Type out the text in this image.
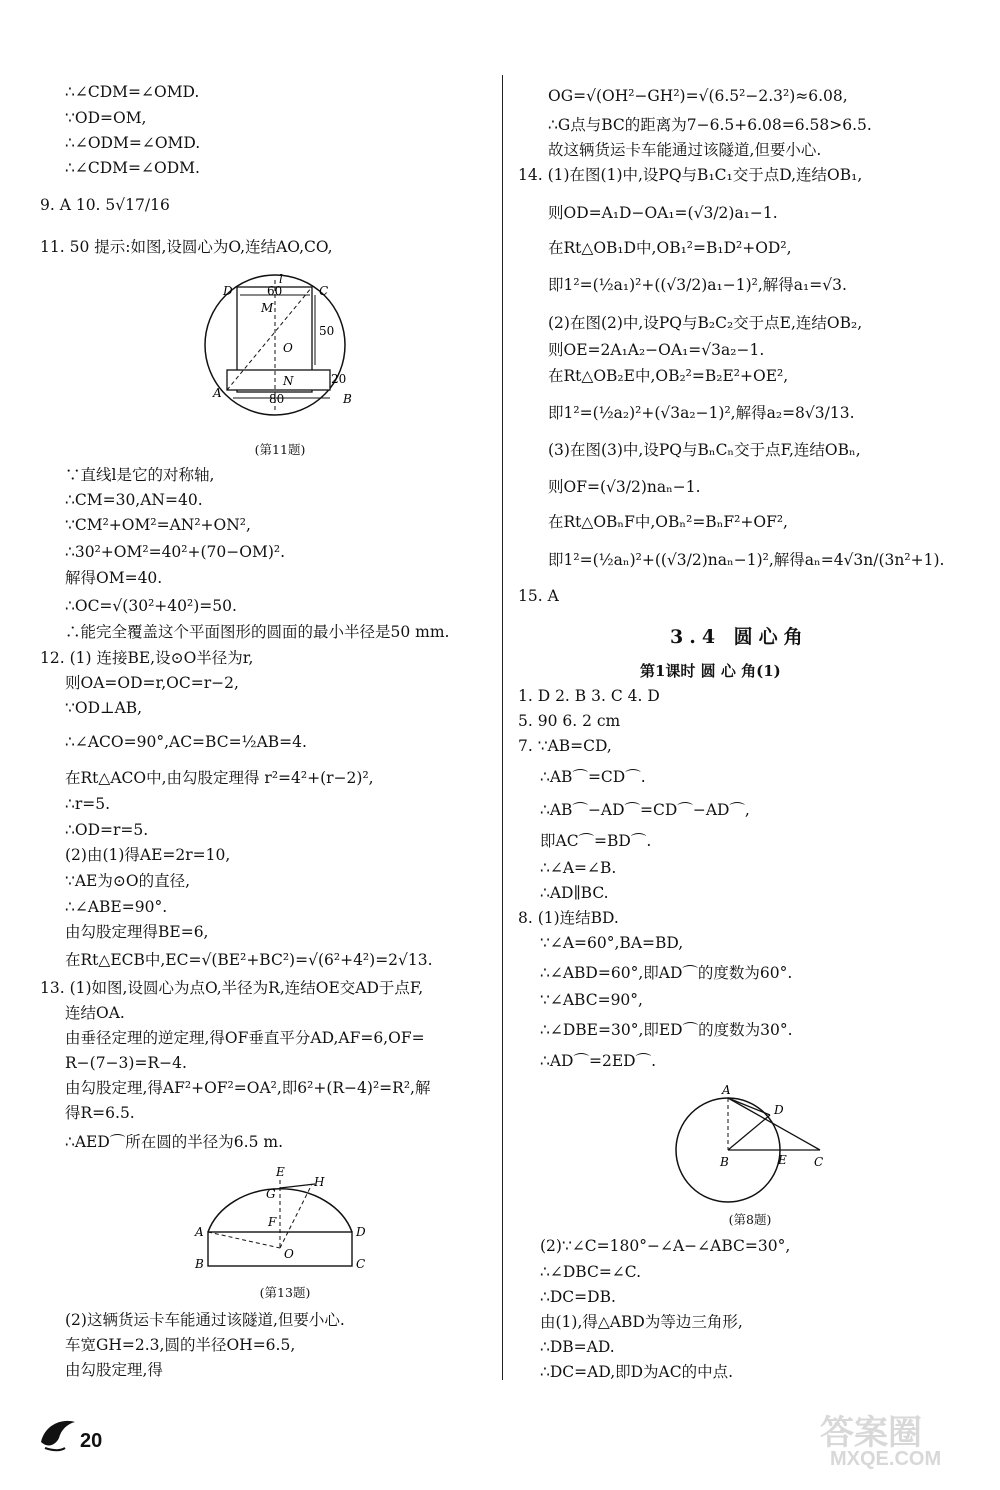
∴∠CDM=∠OMD.
∵OD=OM,
∴∠ODM=∠OMD.
∴∠CDM=∠ODM.
9. A 10. 5√17/16
11. 50 提示:如图,设圆心为O,连结AO,CO,
D	60	C
l
M
O
50
N	20
A	80	B
(第11题)
∵直线l是它的对称轴,
∴CM=30,AN=40.
∵CM²+OM²=AN²+ON²,
∴30²+OM²=40²+(70−OM)².
解得OM=40.
∴OC=√(30²+40²)=50.
∴能完全覆盖这个平面图形的圆面的最小半径是50 mm.
12. (1) 连接BE,设⊙O半径为r,
则OA=OD=r,OC=r−2,
∵OD⊥AB,
∴∠ACO=90°,AC=BC=½AB=4.
在Rt△ACO中,由勾股定理得 r²=4²+(r−2)²,
∴r=5.
∴OD=r=5.
(2)由(1)得AE=2r=10,
∵AE为⊙O的直径,
∴∠ABE=90°.
由勾股定理得BE=6,
在Rt△ECB中,EC=√(BE²+BC²)=√(6²+4²)=2√13.
13. (1)如图,设圆心为点O,半径为R,连结OE交AD于点F,
连结OA.
由垂径定理的逆定理,得OF垂直平分AD,AF=6,OF=
R−(7−3)=R−4.
由勾股定理,得AF²+OF²=OA²,即6²+(R−4)²=R²,解
得R=6.5.
∴AED⌒所在圆的半径为6.5 m.
E
H
G
F
A	D
O
B	C
(第13题)
(2)这辆货运卡车能通过该隧道,但要小心.
车宽GH=2.3,圆的半径OH=6.5,
由勾股定理,得
OG=√(OH²−GH²)=√(6.5²−2.3²)≈6.08,
∴G点与BC的距离为7−6.5+6.08=6.58>6.5.
故这辆货运卡车能通过该隧道,但要小心.
14. (1)在图(1)中,设PQ与B₁C₁交于点D,连结OB₁,
则OD=A₁D−OA₁=(√3/2)a₁−1.
在Rt△OB₁D中,OB₁²=B₁D²+OD²,
即1²=(½a₁)²+((√3/2)a₁−1)²,解得a₁=√3.
(2)在图(2)中,设PQ与B₂C₂交于点E,连结OB₂,
则OE=2A₁A₂−OA₁=√3a₂−1.
在Rt△OB₂E中,OB₂²=B₂E²+OE²,
即1²=(½a₂)²+(√3a₂−1)²,解得a₂=8√3/13.
(3)在图(3)中,设PQ与BₙCₙ交于点F,连结OBₙ,
则OF=(√3/2)naₙ−1.
在Rt△OBₙF中,OBₙ²=BₙF²+OF²,
即1²=(½aₙ)²+((√3/2)naₙ−1)²,解得aₙ=4√3n/(3n²+1).
15. A
3.4 圆心角
第1课时 圆 心 角(1)
1. D 2. B 3. C 4. D
5. 90 6. 2 cm
7. ∵AB=CD,
∴AB⌒=CD⌒.
∴AB⌒−AD⌒=CD⌒−AD⌒,
即AC⌒=BD⌒.
∴∠A=∠B.
∴AD∥BC.
8. (1)连结BD.
∵∠A=60°,BA=BD,
∴∠ABD=60°,即AD⌒的度数为60°.
∵∠ABC=90°,
∴∠DBE=30°,即ED⌒的度数为30°.
∴AD⌒=2ED⌒.
A
D
B	E C
(第8题)
(2)∵∠C=180°−∠A−∠ABC=30°,
∴∠DBC=∠C.
∴DC=DB.
由(1),得△ABD为等边三角形,
∴DB=AD.
∴DC=AD,即D为AC的中点.
20	答案圈
MXQE.COM
